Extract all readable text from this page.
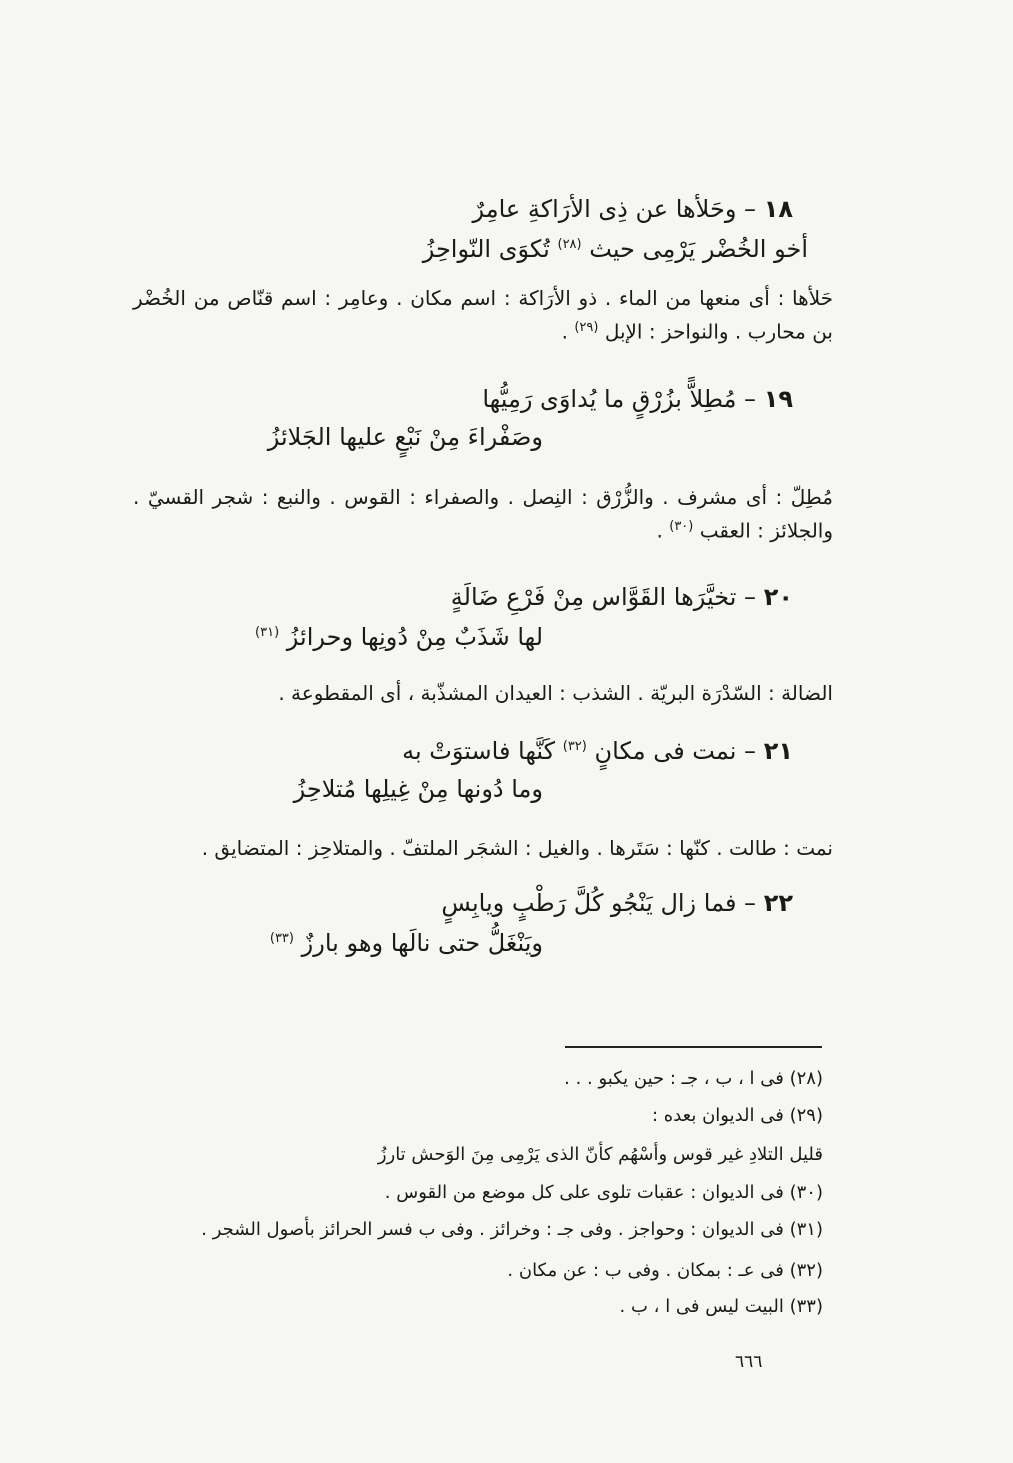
١٨ – وحَلأها عن ذِى الأرَاكةِ عامِرٌ
أخو الخُضْر يَرْمِى حيث $^{(٢٨)}$ تُكوَى النّواحِزُ
حَلأها : أى منعها من الماء . ذو الأرَاكة : اسم مكان . وعامِر : اسم قنّاص من الخُضْر بن محارب . والنواحز : الإبل $^{(٢٩)}$ .
١٩ – مُطِلاًّ بزُرْقٍ ما يُداوَى رَمِيُّها
وصَفْراءَ مِنْ نَبْعٍ عليها الجَلائزُ
مُطِلّ : أى مشرف . والزُّرْق : النِصل . والصفراء : القوس . والنبع : شجر القسيّ . والجلائز : العقب $^{(٣٠)}$ .
٢٠ – تخيَّرَها القَوَّاس مِنْ فَرْعِ ضَالَةٍ
لها شَذَبٌ مِنْ دُونِها وحرائزُ $^{(٣١)}$
الضالة : السّدْرَة البريّة . الشذب : العيدان المشذّبة ، أى المقطوعة .
٢١ – نمت فى مكانٍ $^{(٣٢)}$ كَنَّها فاستوَتْ به
وما دُونها مِنْ غِيلِها مُتلاحِزُ
نمت : طالت . كنّها : سَتَرها . والغيل : الشجَر الملتفّ . والمتلاحِز : المتضايق .
٢٢ – فما زال يَنْجُو كُلَّ رَطْبٍ ويابِسٍ
ويَنْغَلُّ حتى نالَها وهو بارزٌ $^{(٣٣)}$
(٢٨) فى ا ، ب ، جـ : حين يكبو . . .
(٢٩) فى الديوان بعده :
قليل التلادِ غير قوس وأسْهُم كأنّ الذى يَرْمِى مِنَ الوَحش تارزُ
(٣٠) فى الديوان : عقبات تلوى على كل موضع من القوس .
(٣١) فى الديوان : وحواجز . وفى جـ : وخرائز . وفى ب فسر الحرائز بأصول الشجر .
(٣٢) فى عـ : بمكان . وفى ب : عن مكان .
(٣٣) البيت ليس فى ا ، ب .
٦٦٦
